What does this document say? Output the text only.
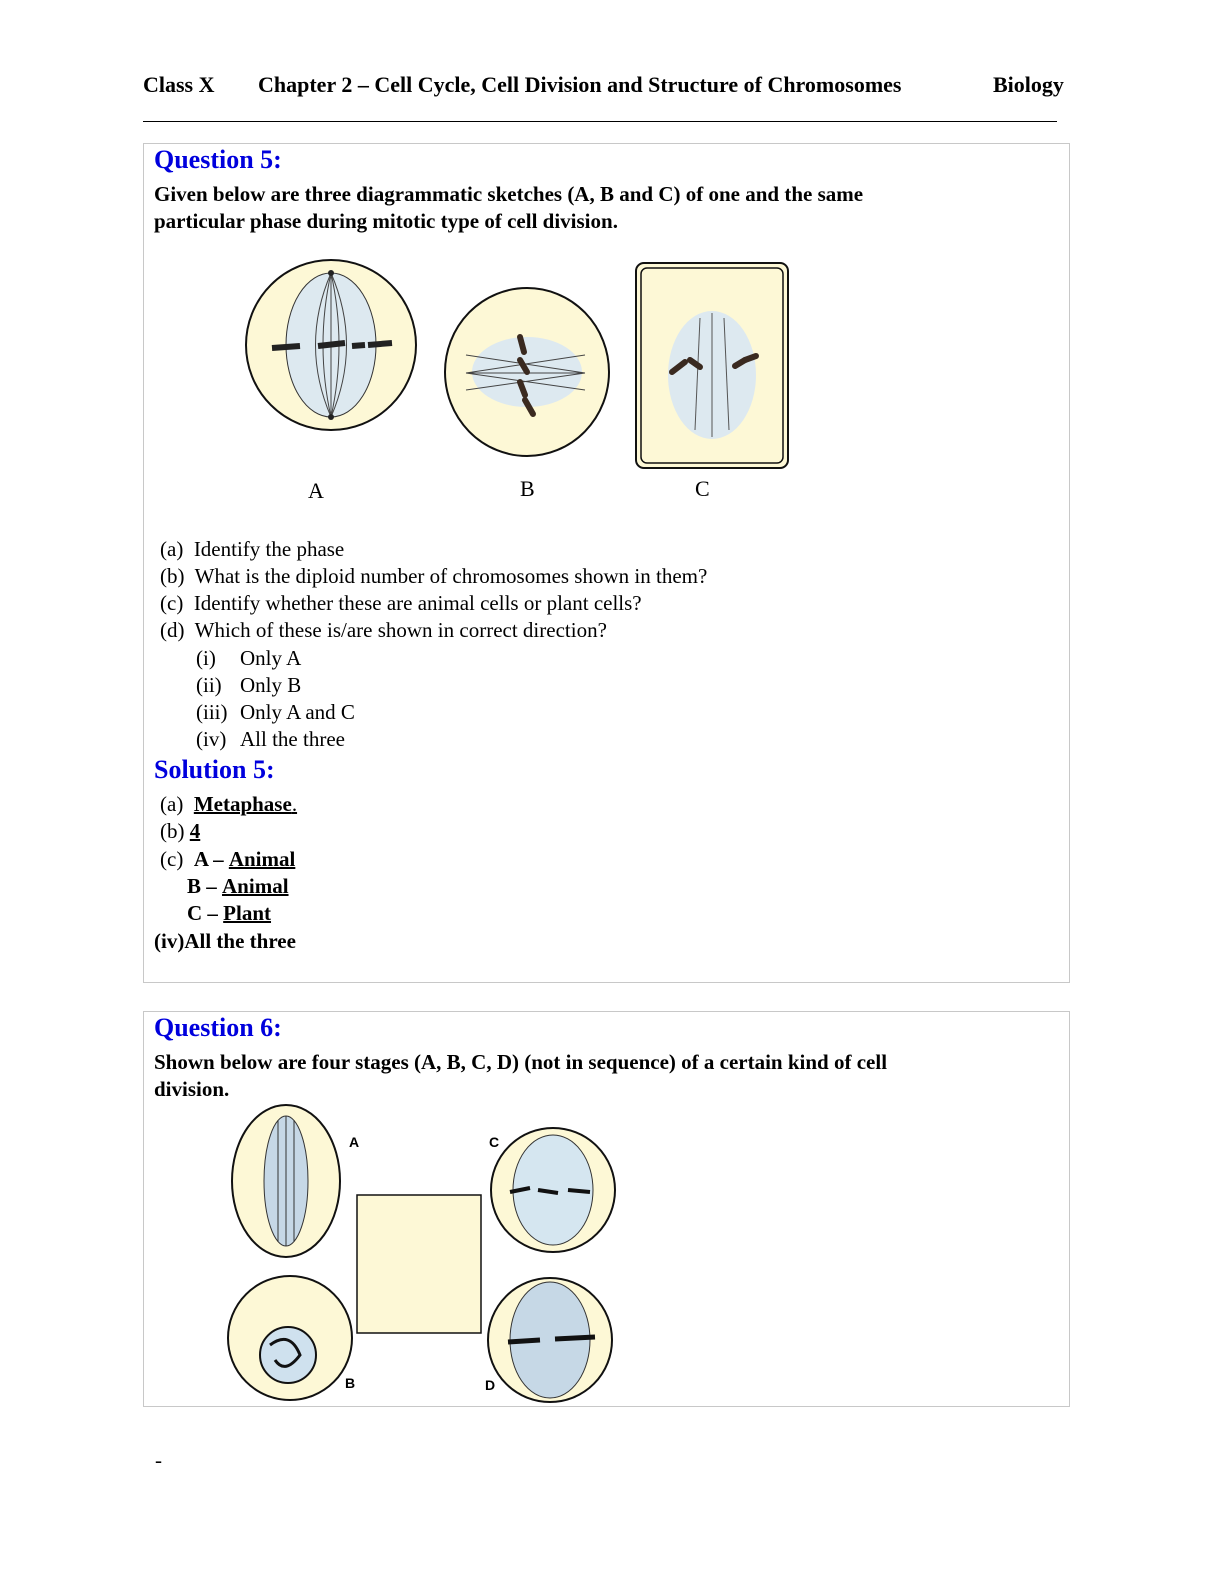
Class X Chapter 2 – Cell Cycle, Cell Division and Structure of Chromosomes	Biology
Question 5:
Given below are three diagrammatic sketches (A, B and C) of one and the same
particular phase during mitotic type of cell division.
A	B	C
A
B
C
D
(a) Identify the phase
(b) What is the diploid number of chromosomes shown in them?
(c) Identify whether these are animal cells or plant cells?
(d) Which of these is/are shown in correct direction?
(i) Only A
(ii) Only B
(iii) Only A and C
(iv) All the three
Solution 5:
(a) Metaphase.
(b) 4
(c) A – Animal
B – Animal
C – Plant
(iv)All the three
Question 6:
Shown below are four stages (A, B, C, D) (not in sequence) of a certain kind of cell
division.
-
